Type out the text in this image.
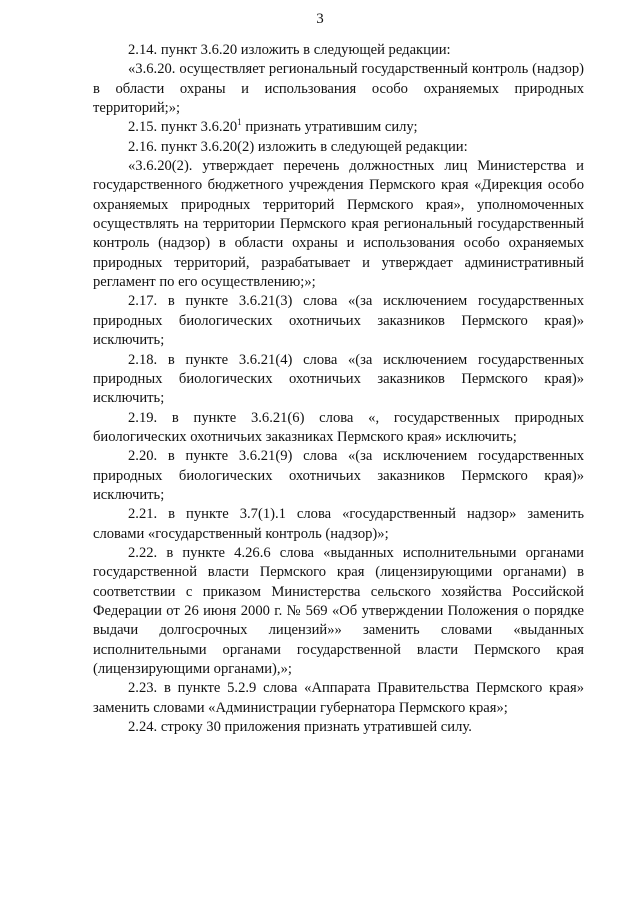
3

2.14. пункт 3.6.20 изложить в следующей редакции:

«3.6.20. осуществляет региональный государственный контроль (надзор) в области охраны и использования особо охраняемых природных территорий;»;

2.15. пункт 3.6.20$^1$ признать утратившим силу;

2.16. пункт 3.6.20(2) изложить в следующей редакции:

«3.6.20(2). утверждает перечень должностных лиц Министерства и государственного бюджетного учреждения Пермского края «Дирекция особо охраняемых природных территорий Пермского края», уполномоченных осуществлять на территории Пермского края региональный государственный контроль (надзор) в области охраны и использования особо охраняемых природных территорий, разрабатывает и утверждает административный регламент по его осуществлению;»;

2.17. в пункте 3.6.21(3) слова «(за исключением государственных природных биологических охотничьих заказников Пермского края)» исключить;

2.18. в пункте 3.6.21(4) слова «(за исключением государственных природных биологических охотничьих заказников Пермского края)» исключить;

2.19. в пункте 3.6.21(6) слова «, государственных природных биологических охотничьих заказниках Пермского края» исключить;

2.20. в пункте 3.6.21(9) слова «(за исключением государственных природных биологических охотничьих заказников Пермского края)» исключить;

2.21. в пункте 3.7(1).1 слова «государственный надзор» заменить словами «государственный контроль (надзор)»;

2.22. в пункте 4.26.6 слова «выданных исполнительными органами государственной власти Пермского края (лицензирующими органами) в соответствии с приказом Министерства сельского хозяйства Российской Федерации от 26 июня 2000 г. № 569 «Об утверждении Положения о порядке выдачи долгосрочных лицензий»» заменить словами «выданных исполнительными органами государственной власти Пермского края (лицензирующими органами),»;

2.23. в пункте 5.2.9 слова «Аппарата Правительства Пермского края» заменить словами «Администрации губернатора Пермского края»;

2.24. строку 30 приложения признать утратившей силу.
